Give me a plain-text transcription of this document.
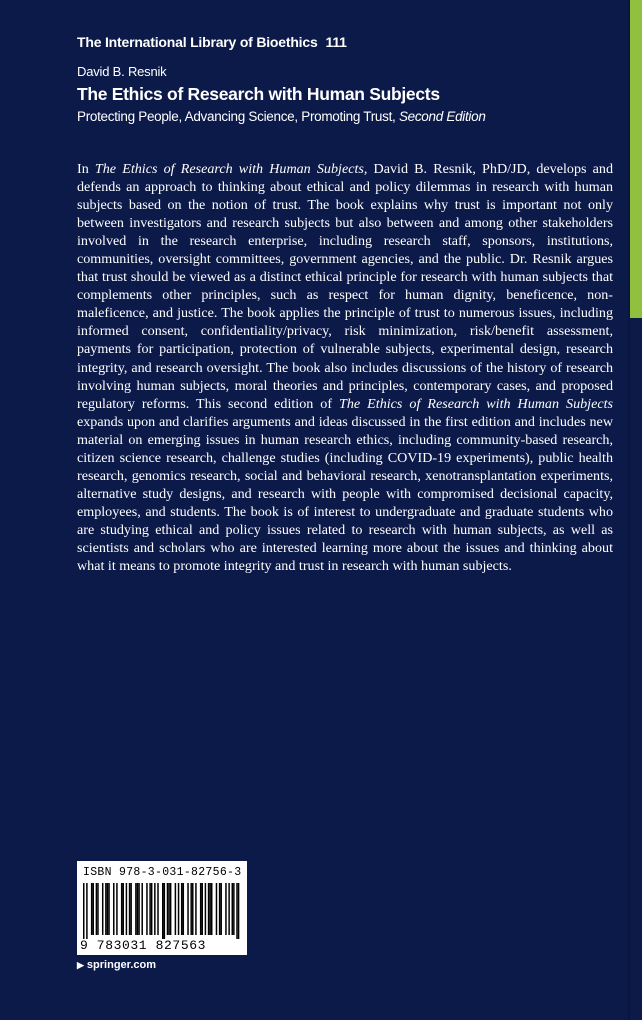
The International Library of Bioethics 111
David B. Resnik
The Ethics of Research with Human Subjects
Protecting People, Advancing Science, Promoting Trust, Second Edition

In The Ethics of Research with Human Subjects, David B. Resnik, PhD/JD, develops and defends an approach to thinking about ethical and policy dilemmas in research with human subjects based on the notion of trust. The book explains why trust is important not only between investigators and research subjects but also between and among other stakeholders involved in the research enterprise, including research staff, sponsors, institutions, communities, oversight committees, government agencies, and the public. Dr. Resnik argues that trust should be viewed as a distinct ethical principle for research with human subjects that complements other principles, such as respect for human dignity, beneficence, non-maleficence, and justice. The book applies the principle of trust to numerous issues, including informed consent, confidentiality/privacy, risk minimization, risk/benefit assessment, payments for participation, protection of vulnerable subjects, experimental design, research integrity, and research oversight. The book also includes discussions of the history of research involving human subjects, moral theories and principles, contemporary cases, and proposed regulatory reforms. This second edition of The Ethics of Research with Human Subjects expands upon and clarifies arguments and ideas discussed in the first edition and includes new material on emerging issues in human research ethics, including community-based research, citizen science research, challenge studies (including COVID-19 experiments), public health research, genomics research, social and behavioral research, xenotransplantation experiments, alternative study designs, and research with people with compromised decisional capacity, employees, and students. The book is of interest to undergraduate and graduate students who are studying ethical and policy issues related to research with human subjects, as well as scientists and scholars who are interested learning more about the issues and thinking about what it means to promote integrity and trust in research with human subjects.

ISBN 978-3-031-82756-3
9 783031 827563
▶ springer.com
